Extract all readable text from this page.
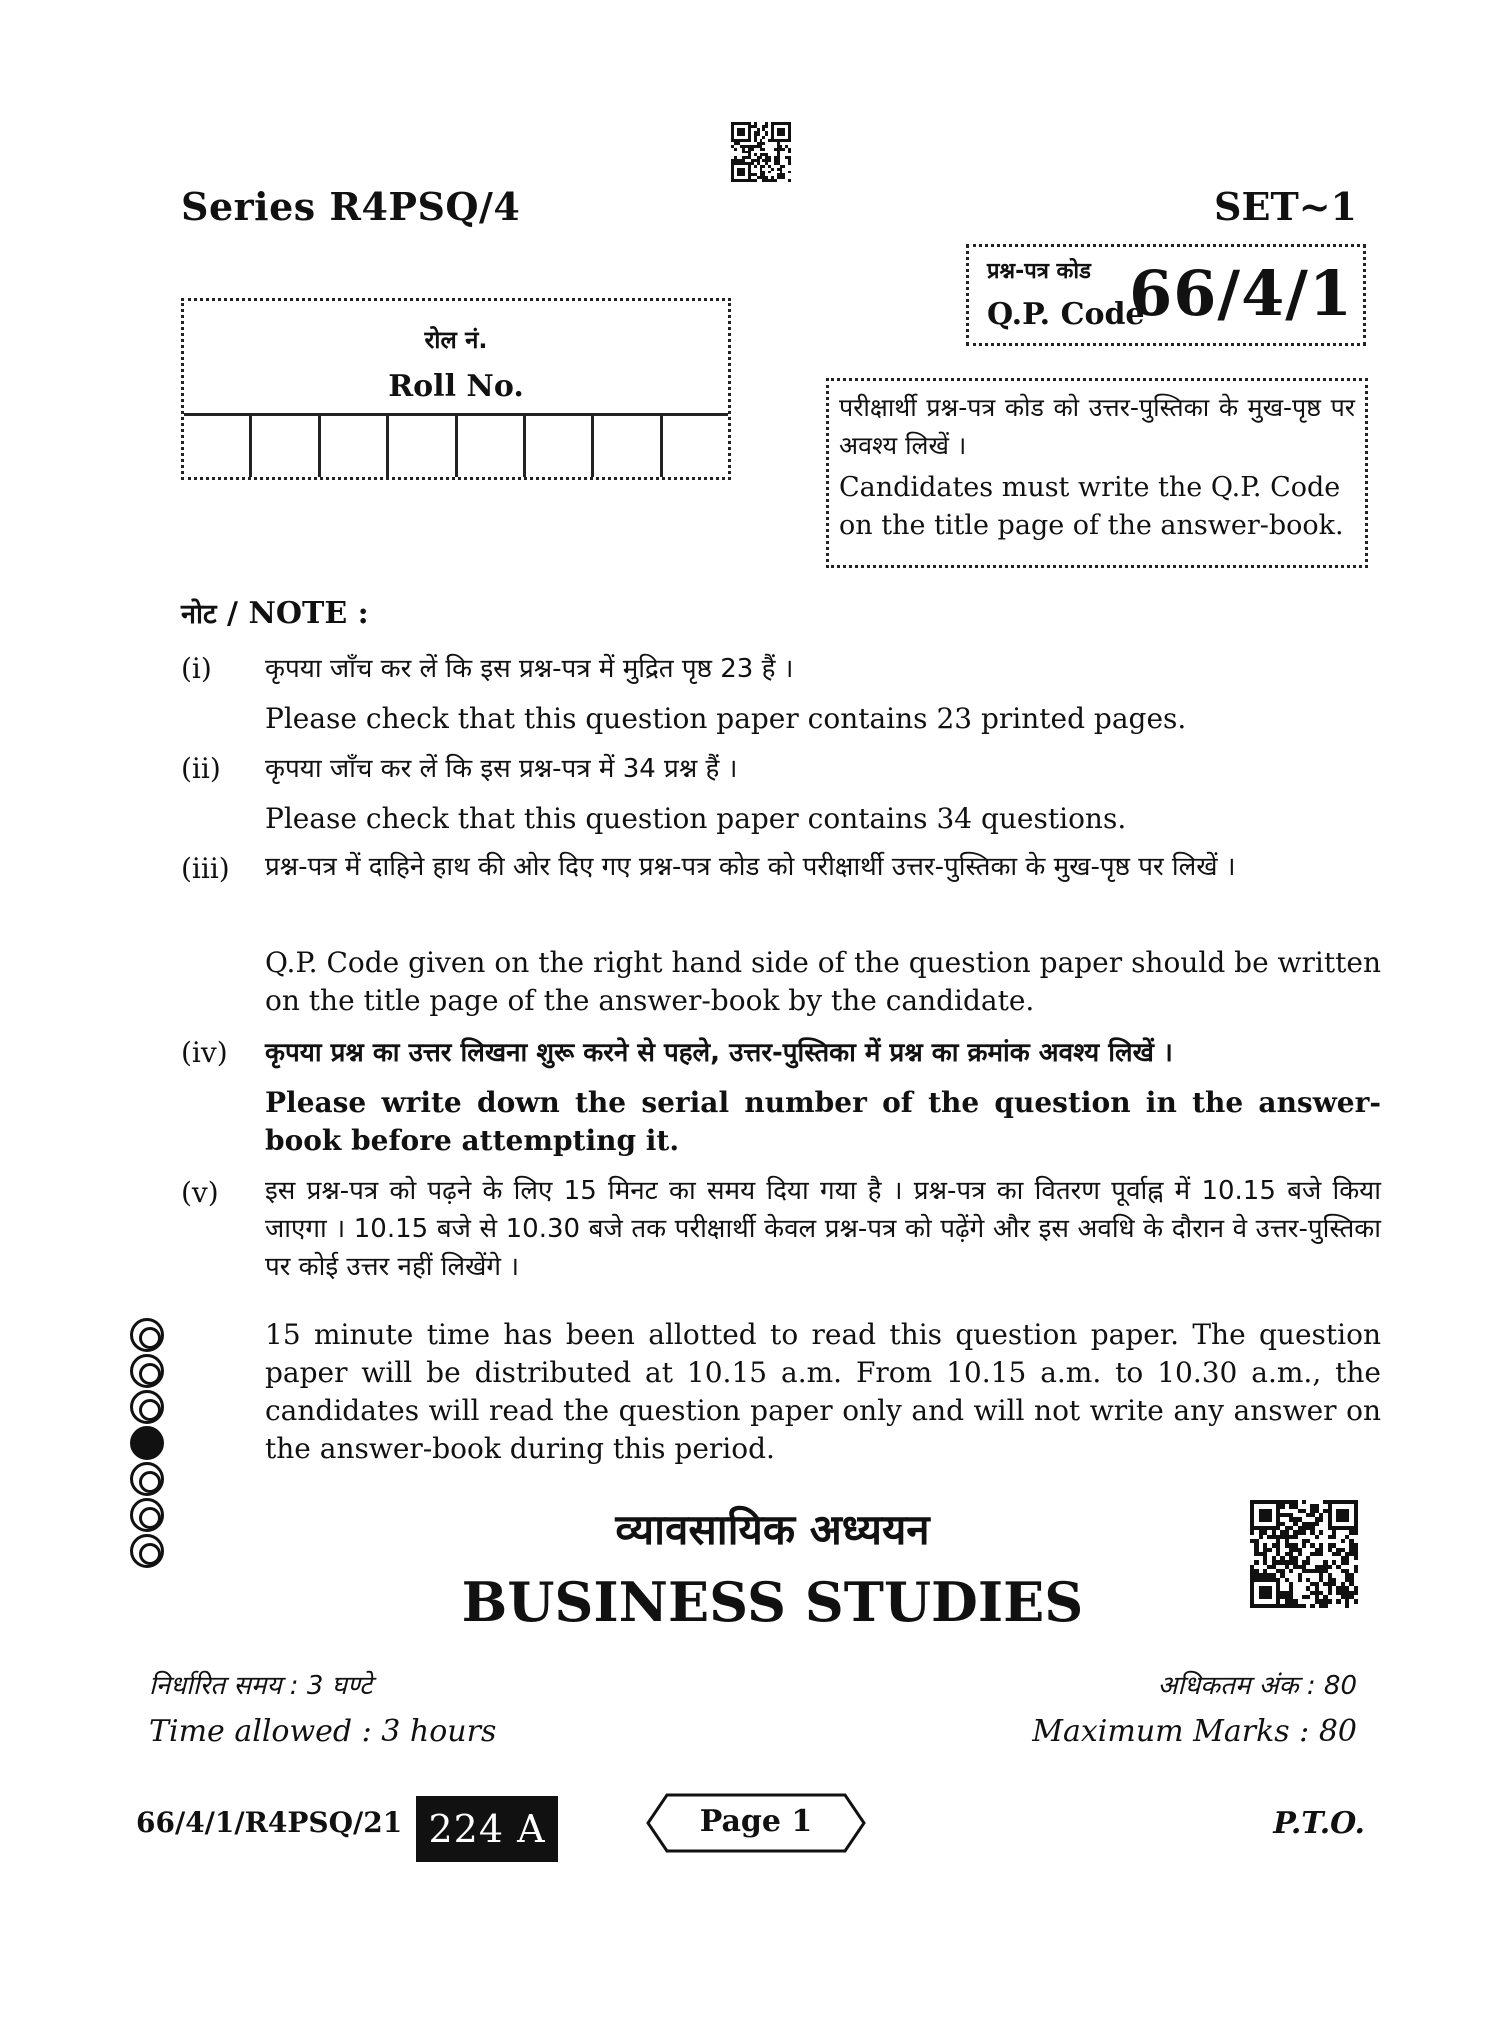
Series R4PSQ/4	SET~1
प्रश्न-पत्र कोड
Q.P. Code
66/4/1
रोल नं.
Roll No.
परीक्षार्थी प्रश्न-पत्र कोड को उत्तर-पुस्तिका के मुख-पृष्ठ पर अवश्य लिखें ।
Candidates must write the Q.P. Code on the title page of the answer-book.
नोट / NOTE :
(i) कृपया जाँच कर लें कि इस प्रश्न-पत्र में मुद्रित पृष्ठ 23 हैं ।
Please check that this question paper contains 23 printed pages.
(ii) कृपया जाँच कर लें कि इस प्रश्न-पत्र में 34 प्रश्न हैं ।
Please check that this question paper contains 34 questions.
(iii) प्रश्न-पत्र में दाहिने हाथ की ओर दिए गए प्रश्न-पत्र कोड को परीक्षार्थी उत्तर-पुस्तिका के मुख-पृष्ठ पर लिखें ।
Q.P. Code given on the right hand side of the question paper should be written on the title page of the answer-book by the candidate.
(iv) कृपया प्रश्न का उत्तर लिखना शुरू करने से पहले, उत्तर-पुस्तिका में प्रश्न का क्रमांक अवश्य लिखें ।
Please write down the serial number of the question in the answer-book before attempting it.
(v) इस प्रश्न-पत्र को पढ़ने के लिए 15 मिनट का समय दिया गया है । प्रश्न-पत्र का वितरण पूर्वाह्न में 10.15 बजे किया जाएगा । 10.15 बजे से 10.30 बजे तक परीक्षार्थी केवल प्रश्न-पत्र को पढ़ेंगे और इस अवधि के दौरान वे उत्तर-पुस्तिका पर कोई उत्तर नहीं लिखेंगे ।
15 minute time has been allotted to read this question paper. The question paper will be distributed at 10.15 a.m. From 10.15 a.m. to 10.30 a.m., the candidates will read the question paper only and will not write any answer on the answer-book during this period.
व्यावसायिक अध्ययन
BUSINESS STUDIES
निर्धारित समय : 3 घण्टे
Time allowed : 3 hours
अधिकतम अंक : 80
Maximum Marks : 80
66/4/1/R4PSQ/21 224 A	Page 1	P.T.O.
